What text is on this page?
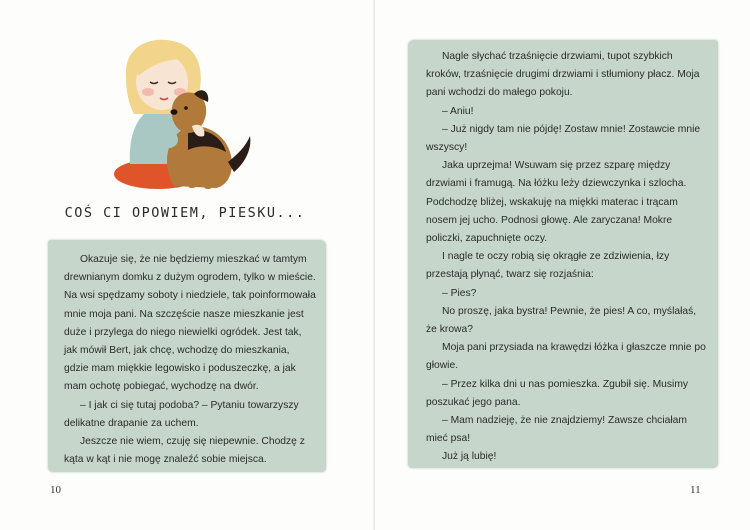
COŚ CI OPOWIEM, PIESKU...

Okazuje się, że nie będziemy mieszkać w tamtym drewnianym domku z dużym ogrodem, tylko w mieście. Na wsi spędzamy soboty i niedziele, tak poinformowała mnie moja pani. Na szczęście nasze mieszkanie jest duże i przylega do niego niewielki ogródek. Jest tak, jak mówił Bert, jak chcę, wchodzę do mieszkania, gdzie mam miękkie legowisko i poduszeczkę, a jak mam ochotę pobiegać, wychodzę na dwór.

– I jak ci się tutaj podoba? – Pytaniu towarzyszy delikatne drapanie za uchem.

Jeszcze nie wiem, czuję się niepewnie. Chodzę z kąta w kąt i nie mogę znaleźć sobie miejsca.

10

Nagle słychać trzaśnięcie drzwiami, tupot szybkich kroków, trzaśnięcie drugimi drzwiami i stłumiony płacz. Moja pani wchodzi do małego pokoju.

– Aniu!

– Już nigdy tam nie pójdę! Zostaw mnie! Zostawcie mnie wszyscy!

Jaka uprzejma! Wsuwam się przez szparę między drzwiami i framugą. Na łóżku leży dziewczynka i szlocha. Podchodzę bliżej, wskakuję na miękki materac i trącam nosem jej ucho. Podnosi głowę. Ale zaryczana! Mokre policzki, zapuchnięte oczy.

I nagle te oczy robią się okrągłe ze zdziwienia, łzy przestają płynąć, twarz się rozjaśnia:

– Pies?

No proszę, jaka bystra! Pewnie, że pies! A co, myślałaś, że krowa?

Moja pani przysiada na krawędzi łóżka i głaszcze mnie po głowie.

– Przez kilka dni u nas pomieszka. Zgubił się. Musimy poszukać jego pana.

– Mam nadzieję, że nie znajdziemy! Zawsze chciałam mieć psa!

Już ją lubię!

11
